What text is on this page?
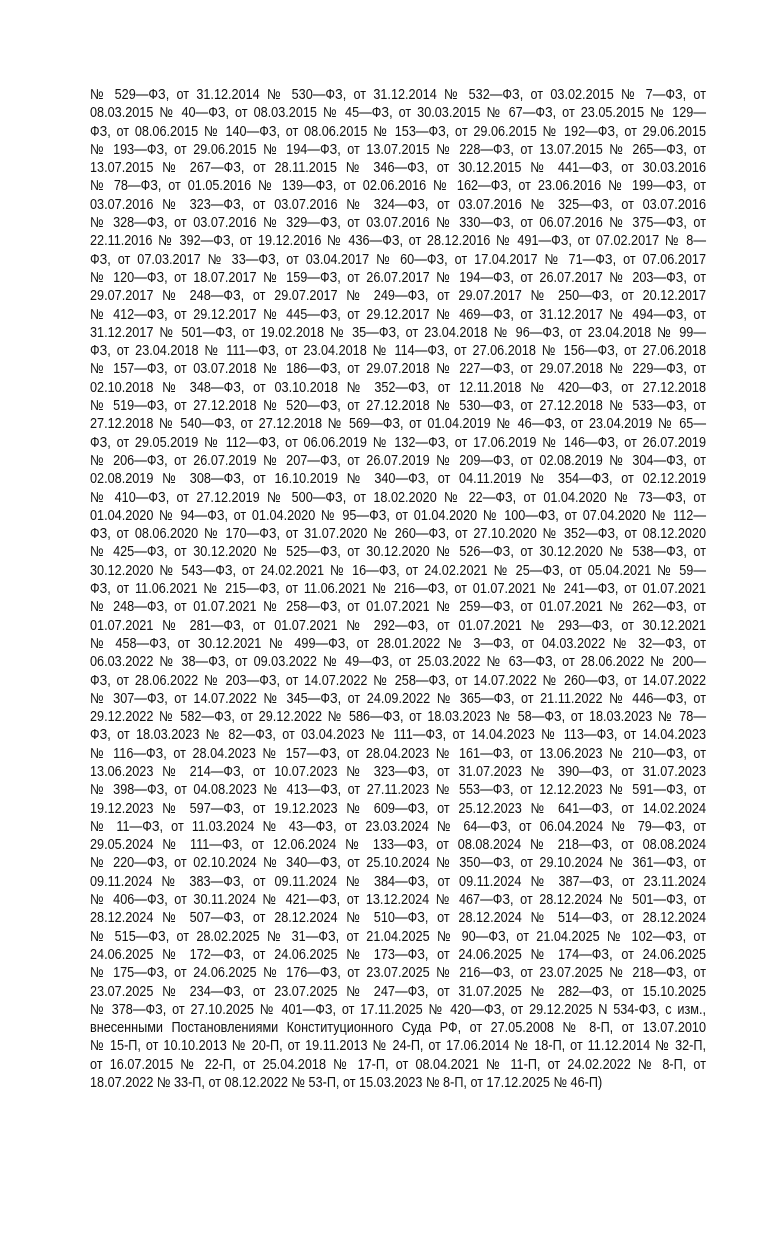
№ 529—ФЗ, от 31.12.2014 № 530—ФЗ, от 31.12.2014 № 532—ФЗ, от 03.02.2015 № 7—ФЗ, от
08.03.2015 № 40—ФЗ, от 08.03.2015 № 45—ФЗ, от 30.03.2015 № 67—ФЗ, от 23.05.2015 № 129—
ФЗ, от 08.06.2015 № 140—ФЗ, от 08.06.2015 № 153—ФЗ, от 29.06.2015 № 192—ФЗ, от 29.06.2015
№ 193—ФЗ, от 29.06.2015 № 194—ФЗ, от 13.07.2015 № 228—ФЗ, от 13.07.2015 № 265—ФЗ, от
13.07.2015 № 267—ФЗ, от 28.11.2015 № 346—ФЗ, от 30.12.2015 № 441—ФЗ, от 30.03.2016
№ 78—ФЗ, от 01.05.2016 № 139—ФЗ, от 02.06.2016 № 162—ФЗ, от 23.06.2016 № 199—ФЗ, от
03.07.2016 № 323—ФЗ, от 03.07.2016 № 324—ФЗ, от 03.07.2016 № 325—ФЗ, от 03.07.2016
№ 328—ФЗ, от 03.07.2016 № 329—ФЗ, от 03.07.2016 № 330—ФЗ, от 06.07.2016 № 375—ФЗ, от
22.11.2016 № 392—ФЗ, от 19.12.2016 № 436—ФЗ, от 28.12.2016 № 491—ФЗ, от 07.02.2017 № 8—
ФЗ, от 07.03.2017 № 33—ФЗ, от 03.04.2017 № 60—ФЗ, от 17.04.2017 № 71—ФЗ, от 07.06.2017
№ 120—ФЗ, от 18.07.2017 № 159—ФЗ, от 26.07.2017 № 194—ФЗ, от 26.07.2017 № 203—ФЗ, от
29.07.2017 № 248—ФЗ, от 29.07.2017 № 249—ФЗ, от 29.07.2017 № 250—ФЗ, от 20.12.2017
№ 412—ФЗ, от 29.12.2017 № 445—ФЗ, от 29.12.2017 № 469—ФЗ, от 31.12.2017 № 494—ФЗ, от
31.12.2017 № 501—ФЗ, от 19.02.2018 № 35—ФЗ, от 23.04.2018 № 96—ФЗ, от 23.04.2018 № 99—
ФЗ, от 23.04.2018 № 111—ФЗ, от 23.04.2018 № 114—ФЗ, от 27.06.2018 № 156—ФЗ, от 27.06.2018
№ 157—ФЗ, от 03.07.2018 № 186—ФЗ, от 29.07.2018 № 227—ФЗ, от 29.07.2018 № 229—ФЗ, от
02.10.2018 № 348—ФЗ, от 03.10.2018 № 352—ФЗ, от 12.11.2018 № 420—ФЗ, от 27.12.2018
№ 519—ФЗ, от 27.12.2018 № 520—ФЗ, от 27.12.2018 № 530—ФЗ, от 27.12.2018 № 533—ФЗ, от
27.12.2018 № 540—ФЗ, от 27.12.2018 № 569—ФЗ, от 01.04.2019 № 46—ФЗ, от 23.04.2019 № 65—
ФЗ, от 29.05.2019 № 112—ФЗ, от 06.06.2019 № 132—ФЗ, от 17.06.2019 № 146—ФЗ, от 26.07.2019
№ 206—ФЗ, от 26.07.2019 № 207—ФЗ, от 26.07.2019 № 209—ФЗ, от 02.08.2019 № 304—ФЗ, от
02.08.2019 № 308—ФЗ, от 16.10.2019 № 340—ФЗ, от 04.11.2019 № 354—ФЗ, от 02.12.2019
№ 410—ФЗ, от 27.12.2019 № 500—ФЗ, от 18.02.2020 № 22—ФЗ, от 01.04.2020 № 73—ФЗ, от
01.04.2020 № 94—ФЗ, от 01.04.2020 № 95—ФЗ, от 01.04.2020 № 100—ФЗ, от 07.04.2020 № 112—
ФЗ, от 08.06.2020 № 170—ФЗ, от 31.07.2020 № 260—ФЗ, от 27.10.2020 № 352—ФЗ, от 08.12.2020
№ 425—ФЗ, от 30.12.2020 № 525—ФЗ, от 30.12.2020 № 526—ФЗ, от 30.12.2020 № 538—ФЗ, от
30.12.2020 № 543—ФЗ, от 24.02.2021 № 16—ФЗ, от 24.02.2021 № 25—ФЗ, от 05.04.2021 № 59—
ФЗ, от 11.06.2021 № 215—ФЗ, от 11.06.2021 № 216—ФЗ, от 01.07.2021 № 241—ФЗ, от 01.07.2021
№ 248—ФЗ, от 01.07.2021 № 258—ФЗ, от 01.07.2021 № 259—ФЗ, от 01.07.2021 № 262—ФЗ, от
01.07.2021 № 281—ФЗ, от 01.07.2021 № 292—ФЗ, от 01.07.2021 № 293—ФЗ, от 30.12.2021
№ 458—ФЗ, от 30.12.2021 № 499—ФЗ, от 28.01.2022 № 3—ФЗ, от 04.03.2022 № 32—ФЗ, от
06.03.2022 № 38—ФЗ, от 09.03.2022 № 49—ФЗ, от 25.03.2022 № 63—ФЗ, от 28.06.2022 № 200—
ФЗ, от 28.06.2022 № 203—ФЗ, от 14.07.2022 № 258—ФЗ, от 14.07.2022 № 260—ФЗ, от 14.07.2022
№ 307—ФЗ, от 14.07.2022 № 345—ФЗ, от 24.09.2022 № 365—ФЗ, от 21.11.2022 № 446—ФЗ, от
29.12.2022 № 582—ФЗ, от 29.12.2022 № 586—ФЗ, от 18.03.2023 № 58—ФЗ, от 18.03.2023 № 78—
ФЗ, от 18.03.2023 № 82—ФЗ, от 03.04.2023 № 111—ФЗ, от 14.04.2023 № 113—ФЗ, от 14.04.2023
№ 116—ФЗ, от 28.04.2023 № 157—ФЗ, от 28.04.2023 № 161—ФЗ, от 13.06.2023 № 210—ФЗ, от
13.06.2023 № 214—ФЗ, от 10.07.2023 № 323—ФЗ, от 31.07.2023 № 390—ФЗ, от 31.07.2023
№ 398—ФЗ, от 04.08.2023 № 413—ФЗ, от 27.11.2023 № 553—ФЗ, от 12.12.2023 № 591—ФЗ, от
19.12.2023 № 597—ФЗ, от 19.12.2023 № 609—ФЗ, от 25.12.2023 № 641—ФЗ, от 14.02.2024
№ 11—ФЗ, от 11.03.2024 № 43—ФЗ, от 23.03.2024 № 64—ФЗ, от 06.04.2024 № 79—ФЗ, от
29.05.2024 № 111—ФЗ, от 12.06.2024 № 133—ФЗ, от 08.08.2024 № 218—ФЗ, от 08.08.2024
№ 220—ФЗ, от 02.10.2024 № 340—ФЗ, от 25.10.2024 № 350—ФЗ, от 29.10.2024 № 361—ФЗ, от
09.11.2024 № 383—ФЗ, от 09.11.2024 № 384—ФЗ, от 09.11.2024 № 387—ФЗ, от 23.11.2024
№ 406—ФЗ, от 30.11.2024 № 421—ФЗ, от 13.12.2024 № 467—ФЗ, от 28.12.2024 № 501—ФЗ, от
28.12.2024 № 507—ФЗ, от 28.12.2024 № 510—ФЗ, от 28.12.2024 № 514—ФЗ, от 28.12.2024
№ 515—ФЗ, от 28.02.2025 № 31—ФЗ, от 21.04.2025 № 90—ФЗ, от 21.04.2025 № 102—ФЗ, от
24.06.2025 № 172—ФЗ, от 24.06.2025 № 173—ФЗ, от 24.06.2025 № 174—ФЗ, от 24.06.2025
№ 175—ФЗ, от 24.06.2025 № 176—ФЗ, от 23.07.2025 № 216—ФЗ, от 23.07.2025 № 218—ФЗ, от
23.07.2025 № 234—ФЗ, от 23.07.2025 № 247—ФЗ, от 31.07.2025 № 282—ФЗ, от 15.10.2025
№ 378—ФЗ, от 27.10.2025 № 401—ФЗ, от 17.11.2025 № 420—ФЗ, от 29.12.2025 N 534-ФЗ, с изм.,
внесенными Постановлениями Конституционного Суда РФ, от 27.05.2008 № 8-П, от 13.07.2010
№ 15-П, от 10.10.2013 № 20-П, от 19.11.2013 № 24-П, от 17.06.2014 № 18-П, от 11.12.2014 № 32-П,
от 16.07.2015 № 22-П, от 25.04.2018 № 17-П, от 08.04.2021 № 11-П, от 24.02.2022 № 8-П, от
18.07.2022 № 33-П, от 08.12.2022 № 53-П, от 15.03.2023 № 8-П, от 17.12.2025 № 46-П)
